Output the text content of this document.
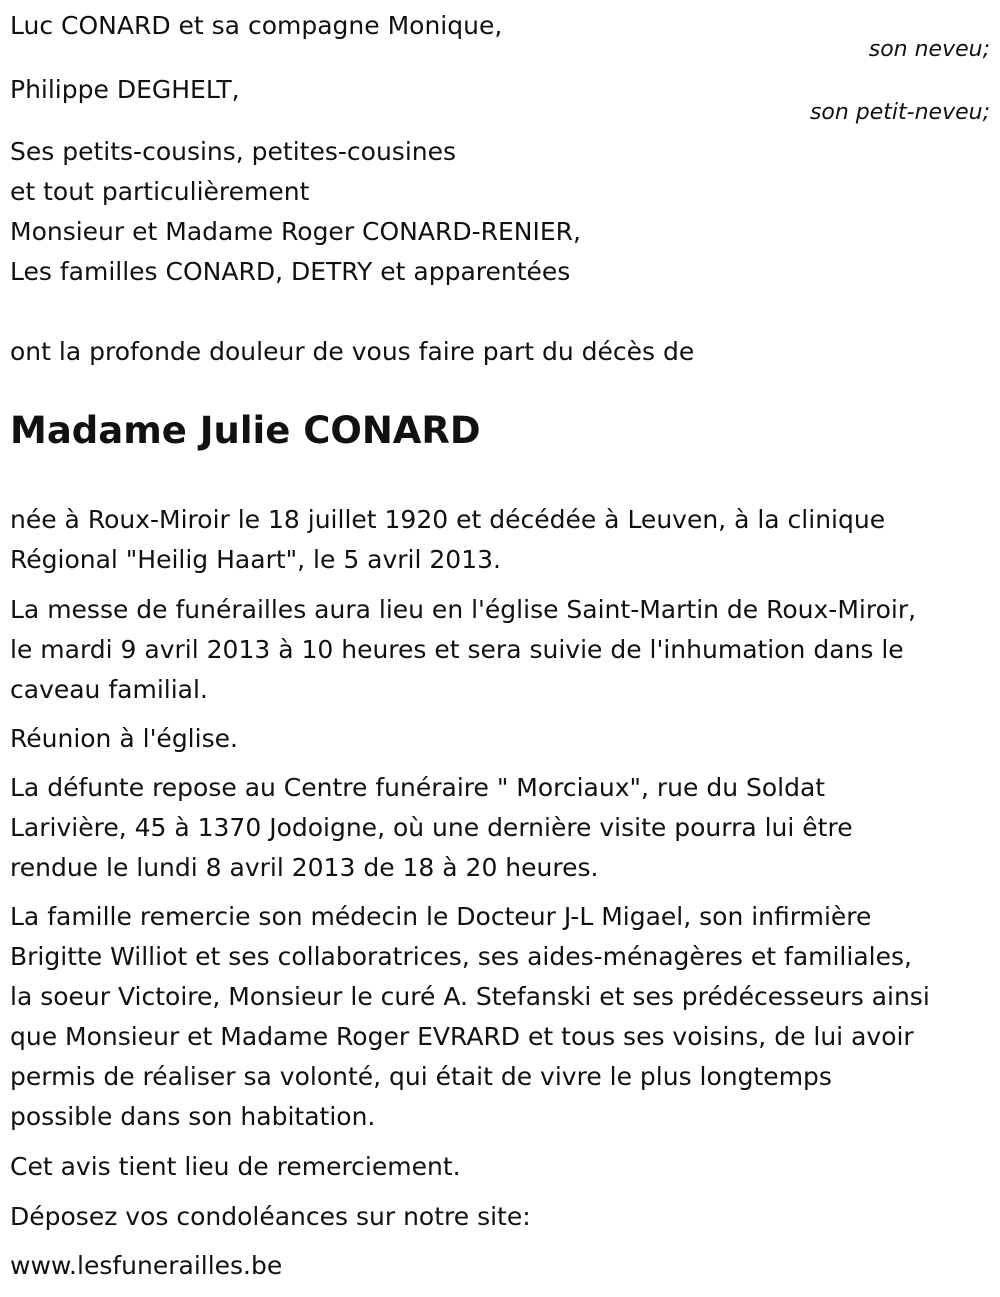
Luc CONARD et sa compagne Monique,
son neveu;
Philippe DEGHELT,
son petit-neveu;
Ses petits-cousins, petites-cousines
et tout particulièrement
Monsieur et Madame Roger CONARD-RENIER,
Les familles CONARD, DETRY et apparentées
ont la profonde douleur de vous faire part du décès de
Madame Julie CONARD
née à Roux-Miroir le 18 juillet 1920 et décédée à Leuven, à la clinique
Régional "Heilig Haart", le 5 avril 2013.
La messe de funérailles aura lieu en l'église Saint-Martin de Roux-Miroir,
le mardi 9 avril 2013 à 10 heures et sera suivie de l'inhumation dans le
caveau familial.
Réunion à l'église.
La défunte repose au Centre funéraire " Morciaux", rue du Soldat
Larivière, 45 à 1370 Jodoigne, où une dernière visite pourra lui être
rendue le lundi 8 avril 2013 de 18 à 20 heures.
La famille remercie son médecin le Docteur J-L Migael, son infirmière
Brigitte Williot et ses collaboratrices, ses aides-ménagères et familiales,
la soeur Victoire, Monsieur le curé A. Stefanski et ses prédécesseurs ainsi
que Monsieur et Madame Roger EVRARD et tous ses voisins, de lui avoir
permis de réaliser sa volonté, qui était de vivre le plus longtemps
possible dans son habitation.
Cet avis tient lieu de remerciement.
Déposez vos condoléances sur notre site:
www.lesfunerailles.be
